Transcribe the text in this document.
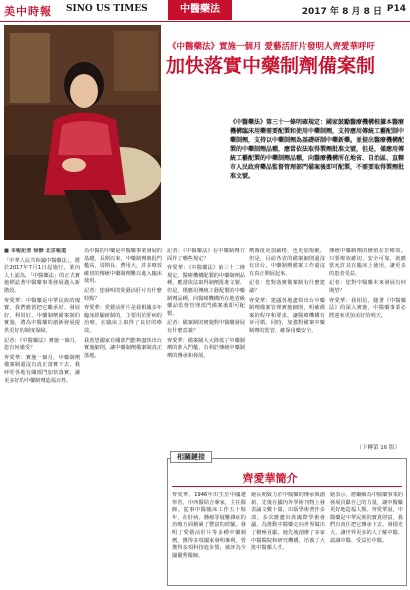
美中時報 SINO US TIMES	中醫藥法	2017 年 8 月 8 日 P14
《中醫藥法》實施一個月 愛藝活肝片發明人齊愛華呼吁
加快落實中藥制劑備案制
《中醫藥法》第三十一條明確規定：國家鼓勵醫療機構根據本醫療機構臨床用藥需要配製和使用中藥制劑，支持應用傳統工藝配制中藥制劑，支持以中藥制劑為基礎研制中藥新藥。並提出醫療機構配製的中藥制劑品種，應當依法取得製劑批准文號，但是，僅應用傳統工藝配製的中藥制劑品種，向醫療機構所在地省、自治區、直轄市人民政府藥品監督管理部門備案後即可配製，不需要取得製劑批准文號。

■ 本報記者 徐靜 北京報道

「中華人民共和國中醫藥法」，將於2017年7月1日起施行。業內人士認為，「中醫藥法」的正式實施標誌著中醫藥事業發展邁入新階段。

齊愛華：中醫藥是中華民族的瑰寶，我們應當把它繼承好、發展好、利用好。中藥制劑備案制的實施，將為中醫藥的創新發展提供更好的制度保障。

記者：《中醫藥法》實施一個月，您有何感受？

齊愛華：實施一個月，中藥制劑備案制還沒有真正落實下去，我呼吁各地有關部門加快落實，讓更多好的中藥制劑造福百姓。

為中醫的中藥是中醫藥事業發展的基礎。長期以來，中藥制劑審批門檻高、周期長、費用大，許多療效確切的傳統中藥制劑難以進入臨床使用。

記者：您發明的愛藝活肝片有什麼特點？

齊愛華：愛藝活肝片是我根據多年臨床經驗研制的，主要用於肝病的治療，在臨床上取得了良好的療效。

我希望國家有關部門能夠盡快出台實施細則，讓中藥制劑備案制真正落地。

記者：《中醫藥法》在中藥制劑方面作了哪些規定？

齊愛華：《中醫藥法》第三十二條規定，醫療機構配製的中藥制劑品種，應當依法取得制劑批准文號。但是，僅應用傳統工藝配製的中藥制劑品種，向醫療機構所在地省級藥品監督管理部門備案後即可配製。

記者：備案制的實施對中醫藥發展有什麼意義？

齊愛華：備案制大大降低了中藥制劑的准入門檻，有利於傳統中藥制劑的傳承和發展。

劑審批更加嚴格，也更加規範。但是，目前各省的備案細則還沒有出台，中藥制劑備案工作還沒有真正開展起來。

記者：您對落實備案制有什麼建議？

齊愛華：建議各地盡快出台中藥制劑備案管理實施細則，明確備案的程序和要求，讓醫療機構有章可循。同時，加強對備案中藥制劑的監管，確保用藥安全。

傳統中藥制劑的價值在於療效。只要療效確切、安全可靠，就應當允許其在臨床上使用，讓更多的患者受益。

記者：您對中醫藥未來發展有何期望？

齊愛華：我相信，隨著《中醫藥法》的深入實施，中醫藥事業必將迎來更加美好的明天。

（下轉第 16 版）
相關鏈接
齊愛華簡介

齊愛華，1946年出生於中國遼寧省，中西醫結合專家，主任醫師。從事中醫臨床工作五十餘年，在肝病、腫瘤等疑難雜症的治療方面積累了豐富的經驗。發明了愛藝活肝片等多種中藥制劑，獲得多項國家發明專利。曾獲得多項科技進步獎，被評為全國優秀醫師。

她長期致力於中醫藥的傳承與創新，先後在國內外學術刊物上發表論文數十篇，出版學術著作多部。多次應邀出席國際學術會議，為推動中醫藥走向世界做出了積極貢獻。她先後創辦了多家中醫醫院和研究機構，培養了大批中醫藥人才。

她表示，將繼續為中醫藥事業的發展貢獻自己的力量，讓中醫藥更好地造福人類。齊愛華說，中醫藥是中華民族的寶貴財富，我們有責任把它傳承下去、發揚光大，讓世界更多的人了解中醫、認識中醫、受益於中醫。
